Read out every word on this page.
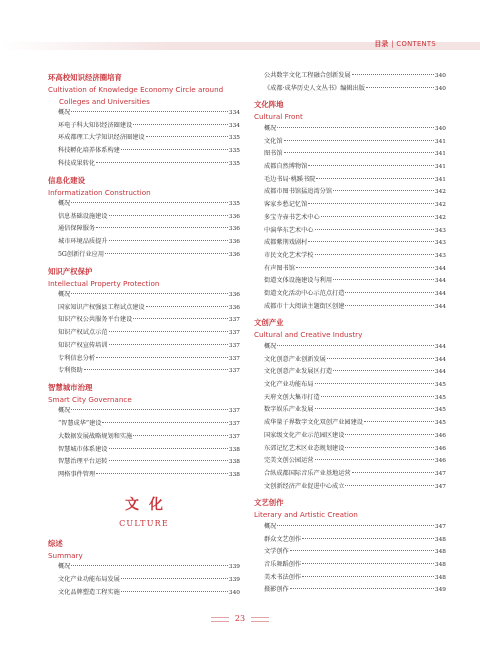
目录 | CONTENTS
环高校知识经济圈培育
Cultivation of Knowledge Economy Circle around
Colleges and Universities
概况	334
环电子科大知识经济圈建设	334
环成都理工大学知识经济圈建设	335
科技孵化培养体系构建	335
科技成果转化	335
信息化建设
Informatization Construction
概况	335
信息基础设施建设	336
通信保障服务	336
城市环境品质提升	336
5G创新行业应用	336
知识产权保护
Intellectual Property Protection
概况	336
国家知识产权强县工程试点建设	336
知识产权公共服务平台建设	337
知识产权试点示范	337
知识产权宣传培训	337
专利信息分析	337
专利资助	337
智慧城市治理
Smart City Governance
概况	337
“智慧成华”建设	337
大数据发展战略规划和实施	337
智慧城市体系建设	338
智慧治理平台运转	338
网格事件管理	338
文化
CULTURE
综述
Summary
概况	339
文化产业功能布局发展	339
文化品牌塑造工程实施	340
公共数字文化工程融合创新发展	340
《成都·成华历史人文丛书》编辑出版	340
文化阵地
Cultural Front
概况	340
文化馆	341
图书馆	341
成都自然博物馆	341
毛边书局·桃蹊书院	341
成都市图书馆猛追湾分馆	342
客家乡愁记忆馆	342
多宝寺壶书艺术中心	342
中演华东艺术中心	343
成都紫荆戏剧村	343
市民文化艺术学校	343
有声图书馆	344
街道文体设施建设与利用	344
街道文化活动中心示范点打造	344
成都市十大阅读主题街区创建	344
文创产业
Cultural and Creative Industry
概况	344
文化创意产业创新发展	344
文化创意产业发展区打造	344
文化产业功能布局	345
天府文创大集市打造	345
数字娱乐产业发展	345
成华量子界数字文化双创产业园建设	345
国家级文化产业示范园区建设	346
东郊记忆艺术区业态规划建设	346
完美文创公园运营	346
合纵成都国际音乐产业基地运营	347
文创新经济产业促进中心成立	347
文艺创作
Literary and Artistic Creation
概况	347
群众文艺创作	348
文学创作	348
音乐舞蹈创作	348
美术书法创作	348
摄影创作	349
23
